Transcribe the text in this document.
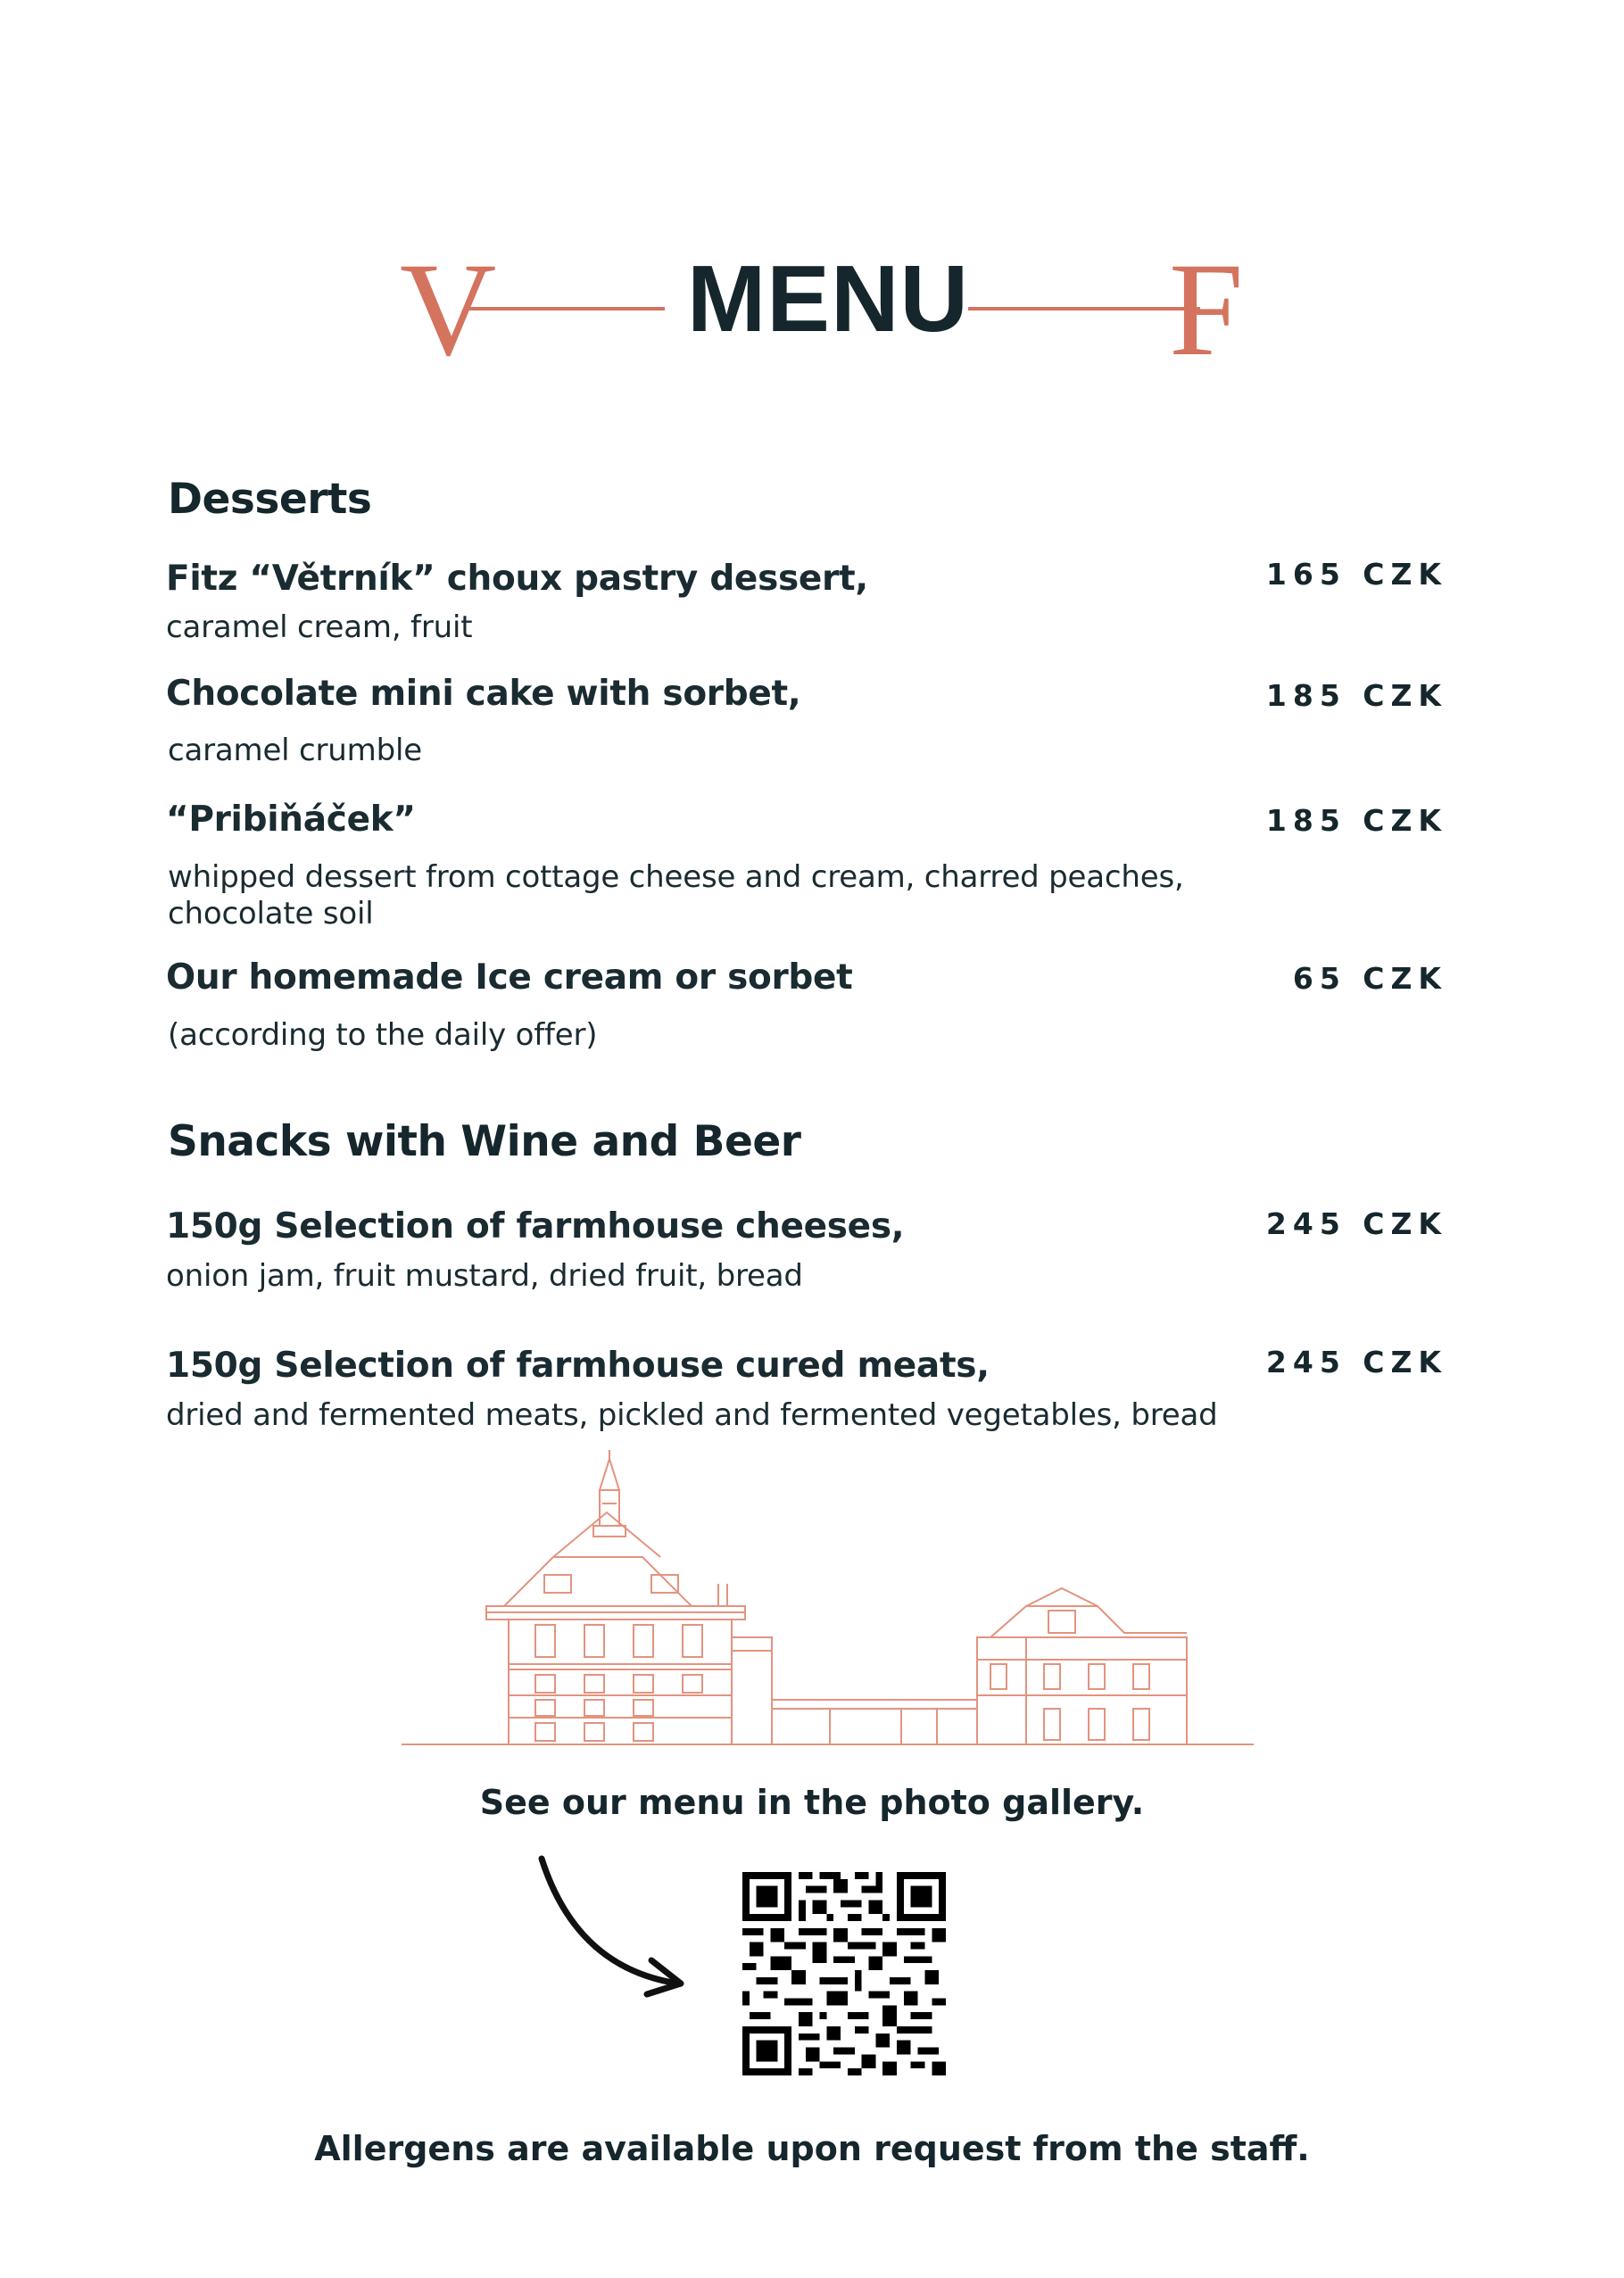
V	F
MENU
Desserts
Fitz “Větrník” choux pastry dessert,	165 CZK
caramel cream, fruit
Chocolate mini cake with sorbet,	185 CZK
caramel crumble
“Pribiňáček”	185 CZK
whipped dessert from cottage cheese and cream, charred peaches,
chocolate soil
Our homemade Ice cream or sorbet	65 CZK
(according to the daily offer)
Snacks with Wine and Beer
150g Selection of farmhouse cheeses,	245 CZK
onion jam, fruit mustard, dried fruit, bread
150g Selection of farmhouse cured meats,	245 CZK
dried and fermented meats, pickled and fermented vegetables, bread
See our menu in the photo gallery.
Allergens are available upon request from the staff.
